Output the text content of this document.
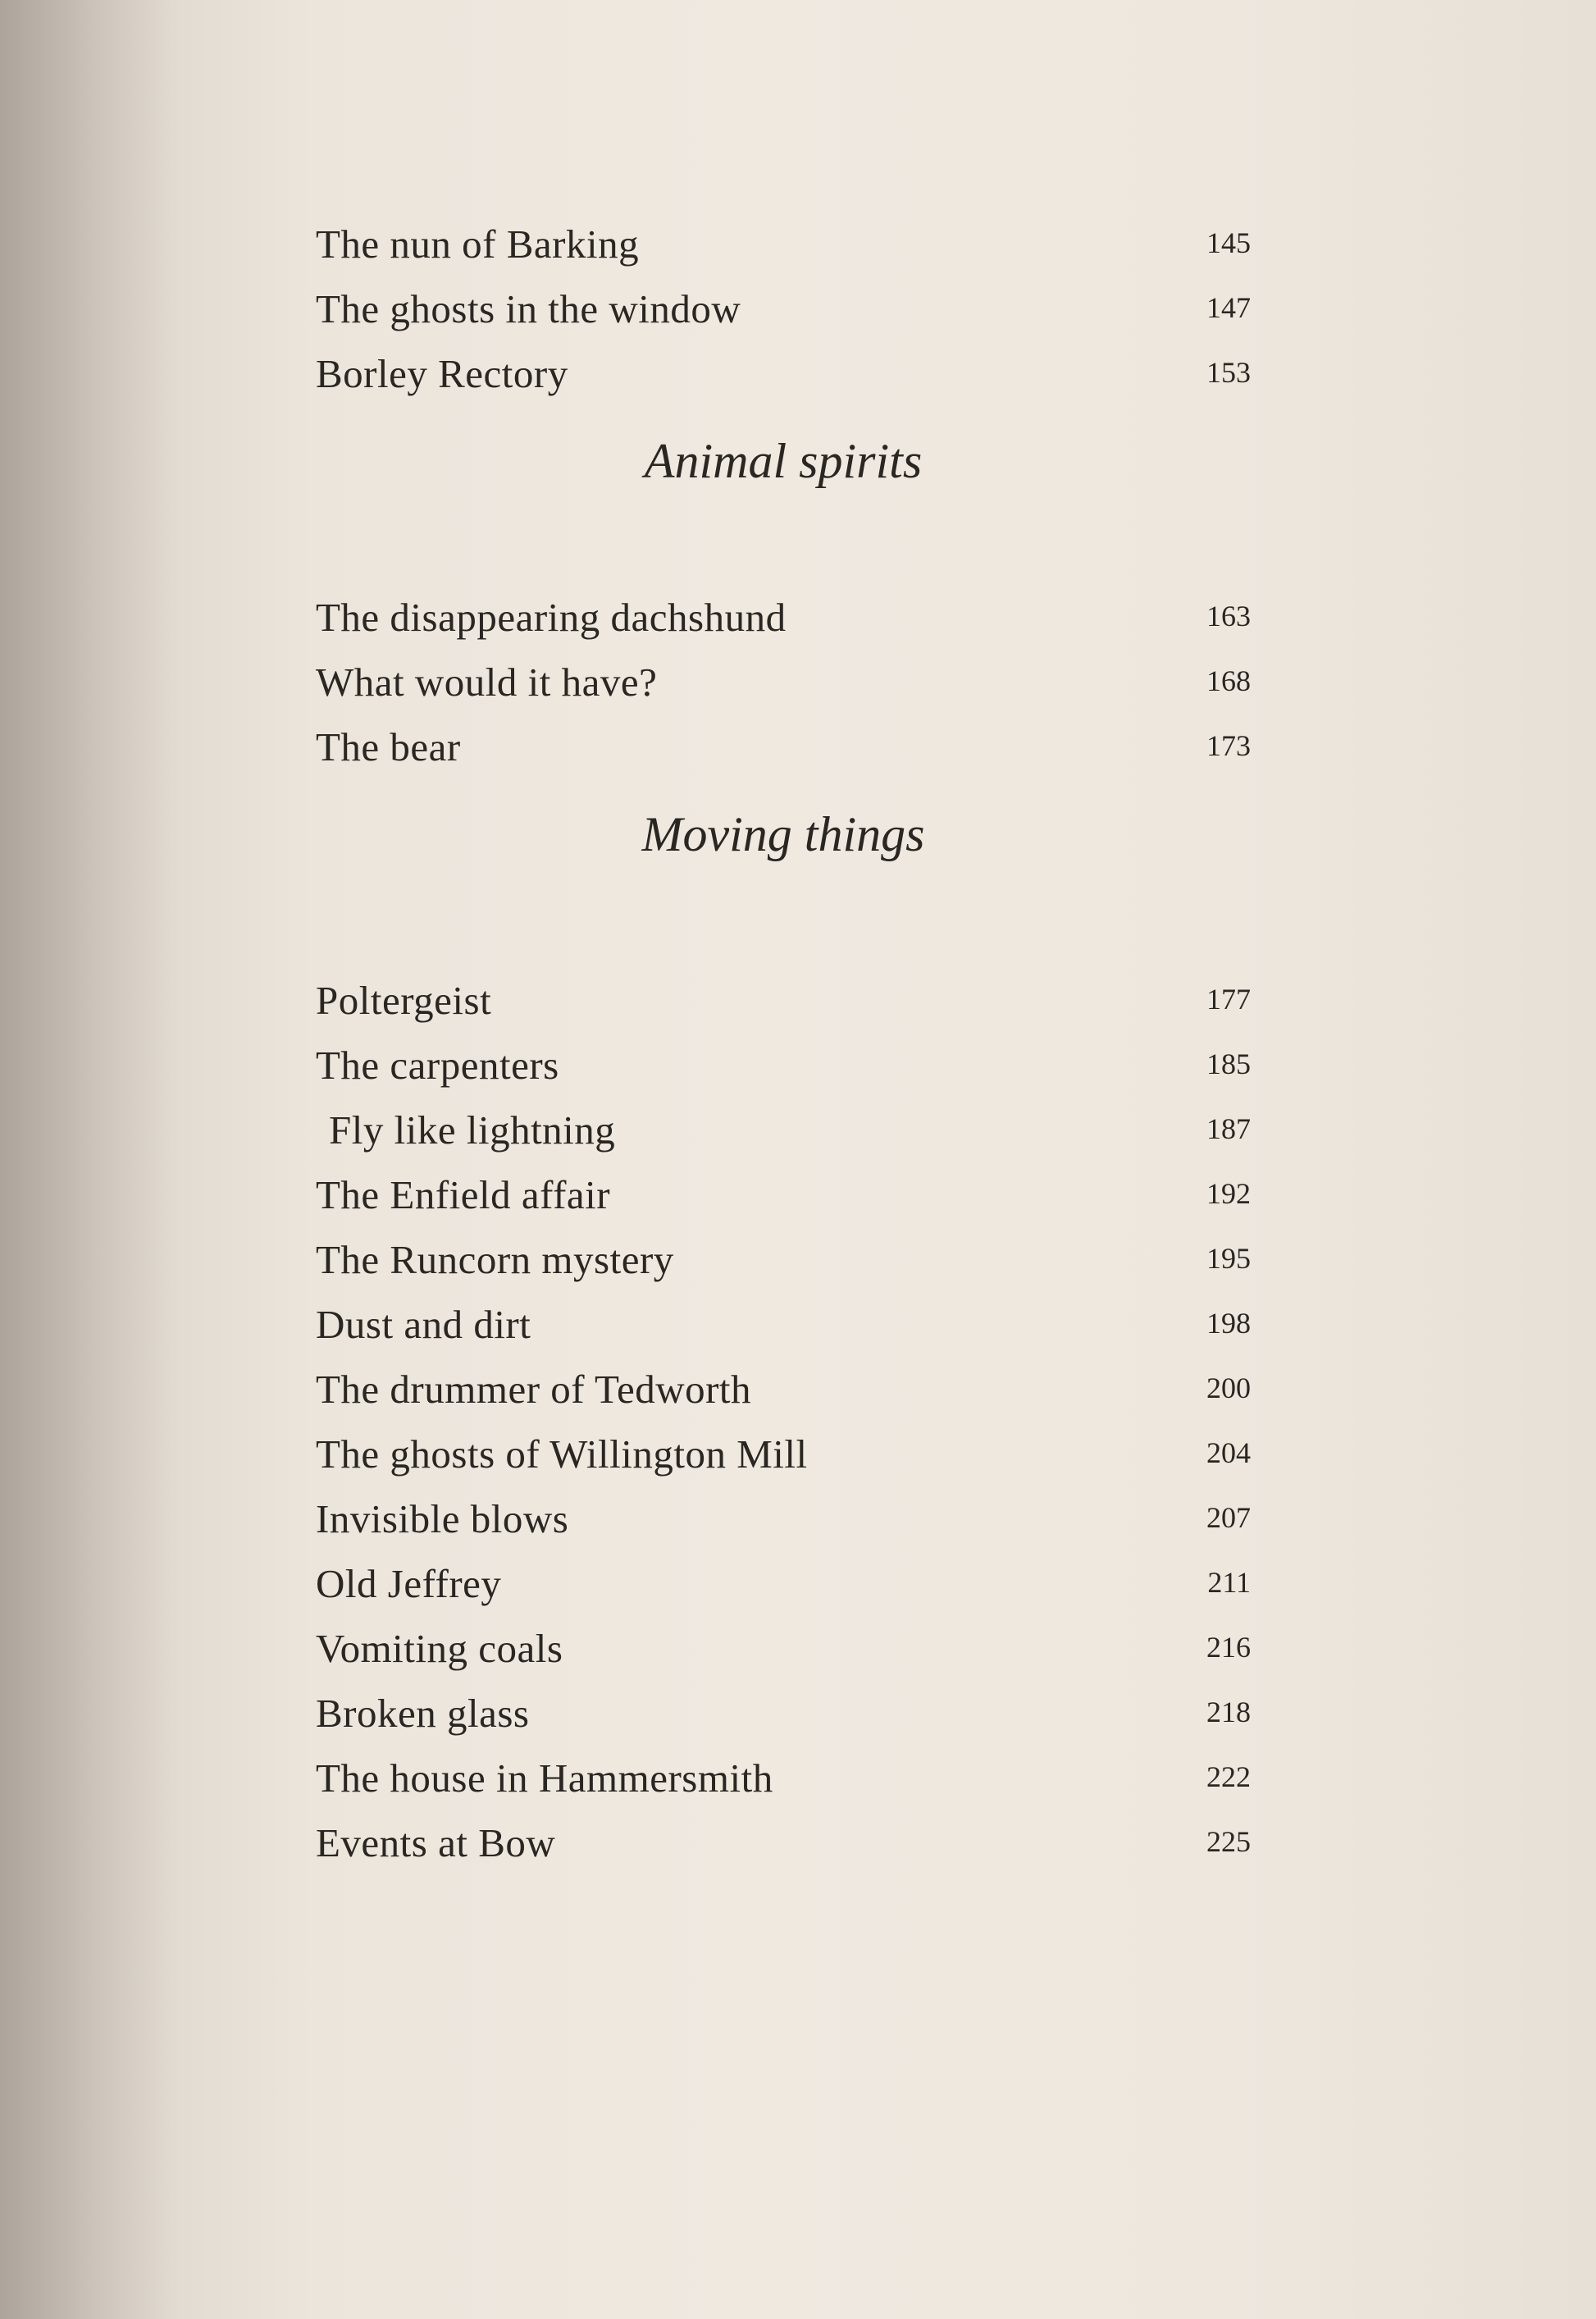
The nun of Barking	145
The ghosts in the window	147
Borley Rectory	153
Animal spirits
The disappearing dachshund	163
What would it have?	168
The bear	173
Moving things
Poltergeist	177
The carpenters	185
Fly like lightning	187
The Enfield affair	192
The Runcorn mystery	195
Dust and dirt	198
The drummer of Tedworth	200
The ghosts of Willington Mill	204
Invisible blows	207
Old Jeffrey	211
Vomiting coals	216
Broken glass	218
The house in Hammersmith	222
Events at Bow	225
